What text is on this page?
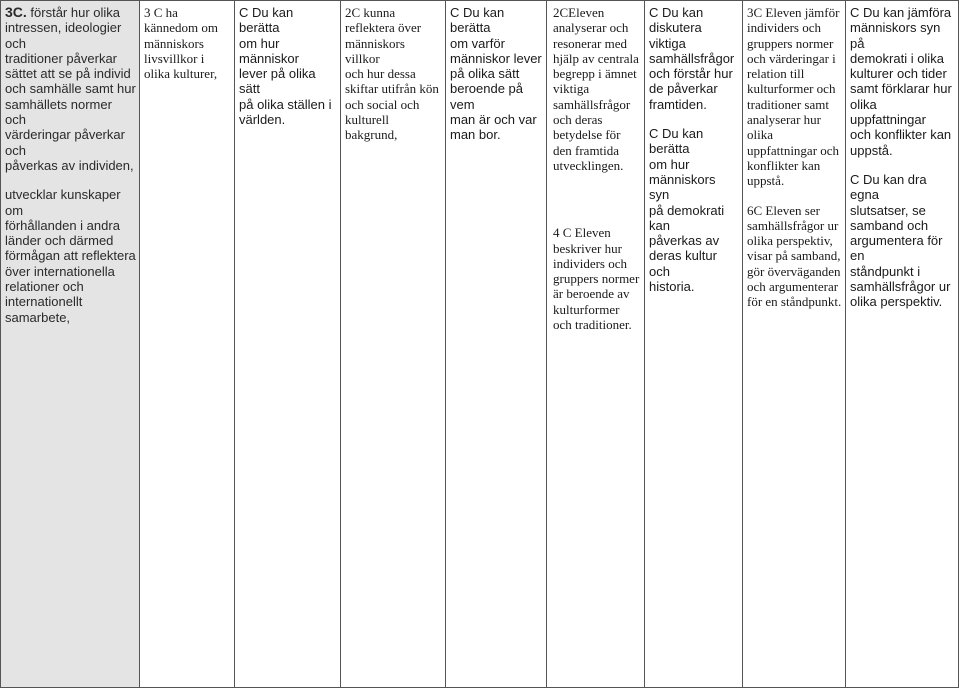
3C. förstår hur olika
intressen, ideologier och
traditioner påverkar
sättet att se på individ
och samhälle samt hur
samhällets normer och
värderingar påverkar och
påverkas av individen,
utvecklar kunskaper om
förhållanden i andra
länder och därmed
förmågan att reflektera
över internationella
relationer och
internationellt
samarbete,

3 C ha
kännedom om
människors
livsvillkor i
olika kulturer,

C Du kan berätta
om hur människor
lever på olika sätt
på olika ställen i
världen.

2C kunna
reflektera över
människors villkor
och hur dessa
skiftar utifrån kön
och social och
kulturell
bakgrund,

C Du kan berätta
om varför
människor lever
på olika sätt
beroende på vem
man är och var
man bor.

2CEleven
analyserar och
resonerar med
hjälp av centrala
begrepp i ämnet
viktiga
samhällsfrågor
och deras
betydelse för
den framtida
utvecklingen.
4 C Eleven
beskriver hur
individers och
gruppers normer
är beroende av
kulturformer
och traditioner.

C Du kan
diskutera viktiga
samhällsfrågor
och förstår hur
de påverkar
framtiden.
C Du kan berätta
om hur
människors syn
på demokrati kan
påverkas av
deras kultur och
historia.

3C Eleven jämför
individers och
gruppers normer
och värderingar i
relation till
kulturformer och
traditioner samt
analyserar hur
olika
uppfattningar och
konflikter kan
uppstå.
6C Eleven ser
samhällsfrågor ur
olika perspektiv,
visar på samband,
gör överväganden
och argumenterar
för en ståndpunkt.

C Du kan jämföra
människors syn på
demokrati i olika
kulturer och tider
samt förklarar hur
olika uppfattningar
och konflikter kan
uppstå.
C Du kan dra egna
slutsatser, se
samband och
argumentera för en
ståndpunkt i
samhällsfrågor ur
olika perspektiv.
